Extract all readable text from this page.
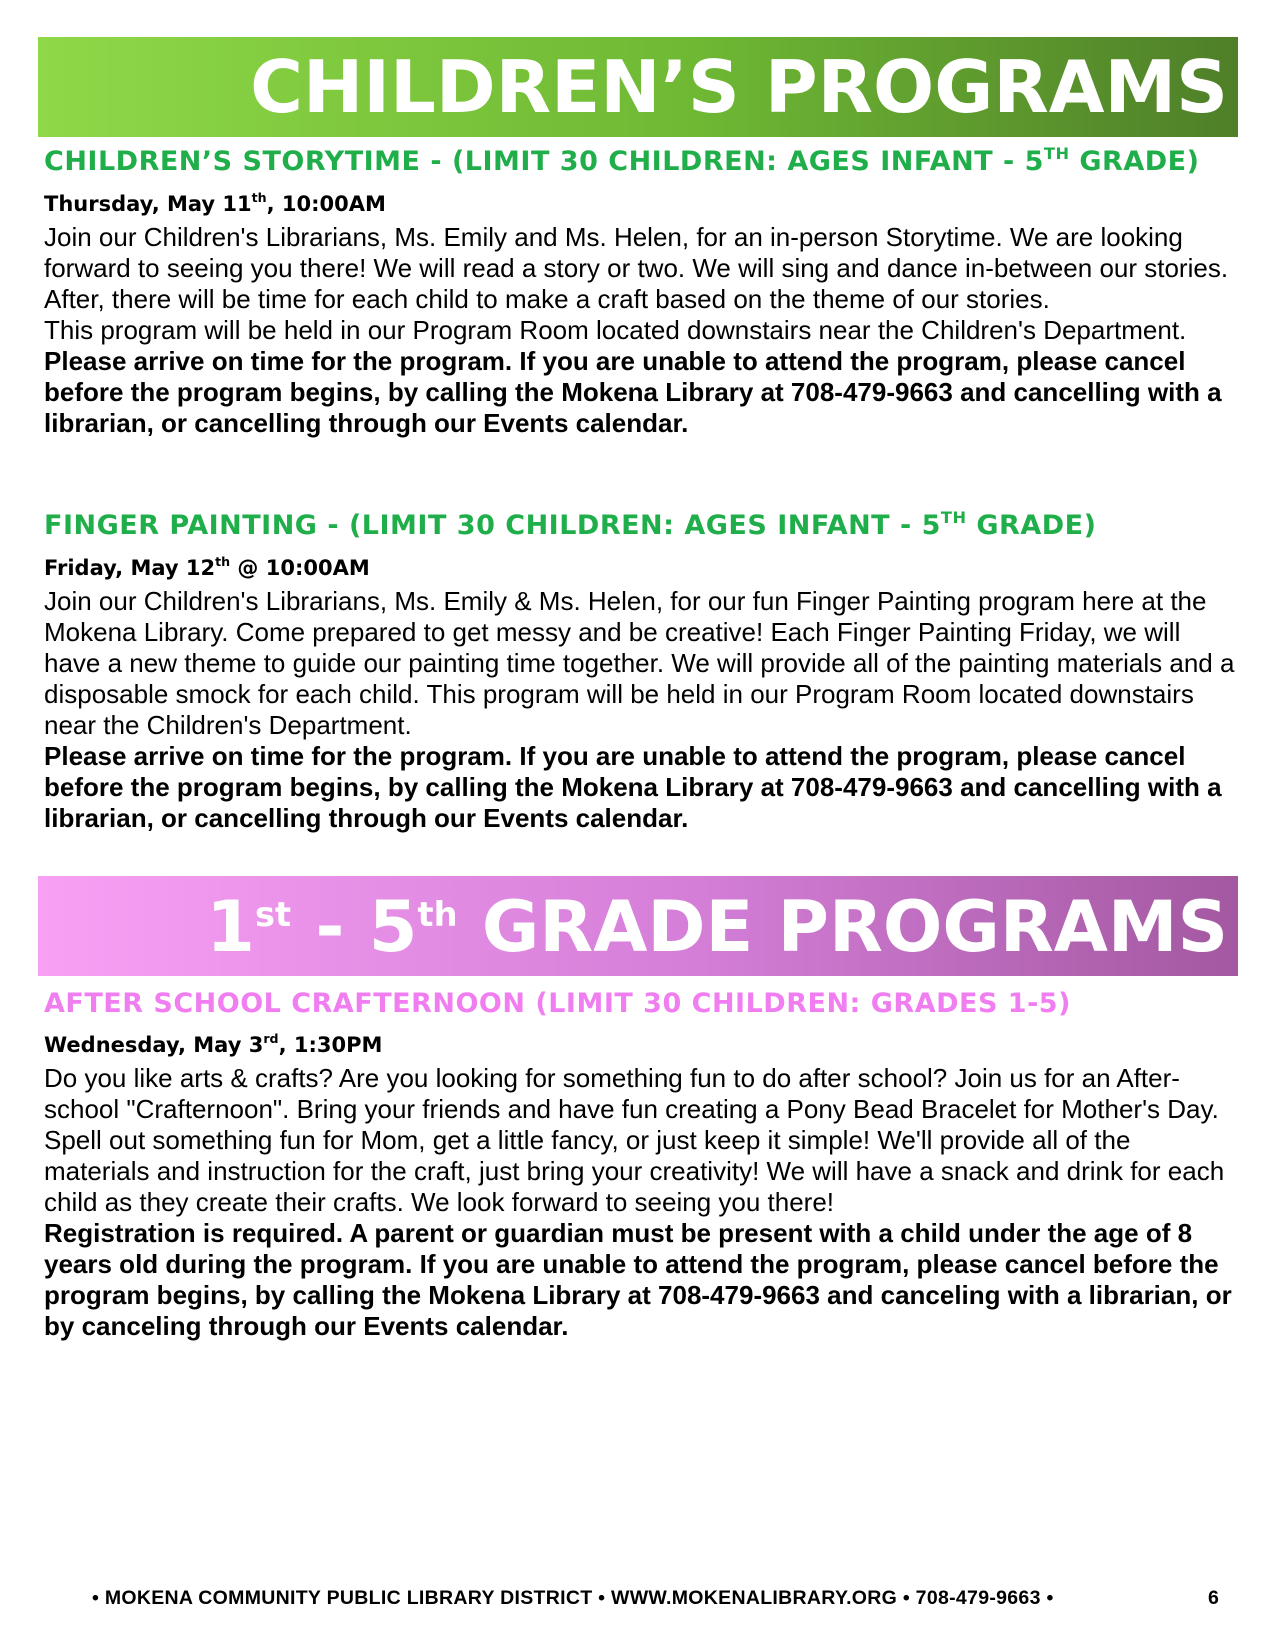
CHILDREN’S PROGRAMS
CHILDREN’S STORYTIME - (LIMIT 30 CHILDREN: AGES INFANT - 5TH GRADE)
Thursday, May 11th, 10:00AM

Join our Children's Librarians, Ms. Emily and Ms. Helen, for an in-person Storytime. We are looking forward to seeing you there! We will read a story or two. We will sing and dance in-between our stories. After, there will be time for each child to make a craft based on the theme of our stories.

This program will be held in our Program Room located downstairs near the Children's Department. Please arrive on time for the program. If you are unable to attend the program, please cancel before the program begins, by calling the Mokena Library at 708-479-9663 and cancelling with a librarian, or cancelling through our Events calendar.

FINGER PAINTING - (LIMIT 30 CHILDREN: AGES INFANT - 5TH GRADE)
Friday, May 12th @ 10:00AM

Join our Children's Librarians, Ms. Emily & Ms. Helen, for our fun Finger Painting program here at the Mokena Library. Come prepared to get messy and be creative! Each Finger Painting Friday, we will have a new theme to guide our painting time together. We will provide all of the painting materials and a disposable smock for each child. This program will be held in our Program Room located downstairs near the Children's Department.

Please arrive on time for the program. If you are unable to attend the program, please cancel before the program begins, by calling the Mokena Library at 708-479-9663 and cancelling with a librarian, or cancelling through our Events calendar.

1st - 5th GRADE PROGRAMS
AFTER SCHOOL CRAFTERNOON (LIMIT 30 CHILDREN: GRADES 1-5)
Wednesday, May 3rd, 1:30PM

Do you like arts & crafts? Are you looking for something fun to do after school? Join us for an After-school "Crafternoon". Bring your friends and have fun creating a Pony Bead Bracelet for Mother's Day. Spell out something fun for Mom, get a little fancy, or just keep it simple! We'll provide all of the materials and instruction for the craft, just bring your creativity! We will have a snack and drink for each child as they create their crafts. We look forward to seeing you there!

Registration is required. A parent or guardian must be present with a child under the age of 8 years old during the program. If you are unable to attend the program, please cancel before the program begins, by calling the Mokena Library at 708-479-9663 and canceling with a librarian, or by canceling through our Events calendar.

• MOKENA COMMUNITY PUBLIC LIBRARY DISTRICT • WWW.MOKENALIBRARY.ORG • 708-479-9663 •	6
